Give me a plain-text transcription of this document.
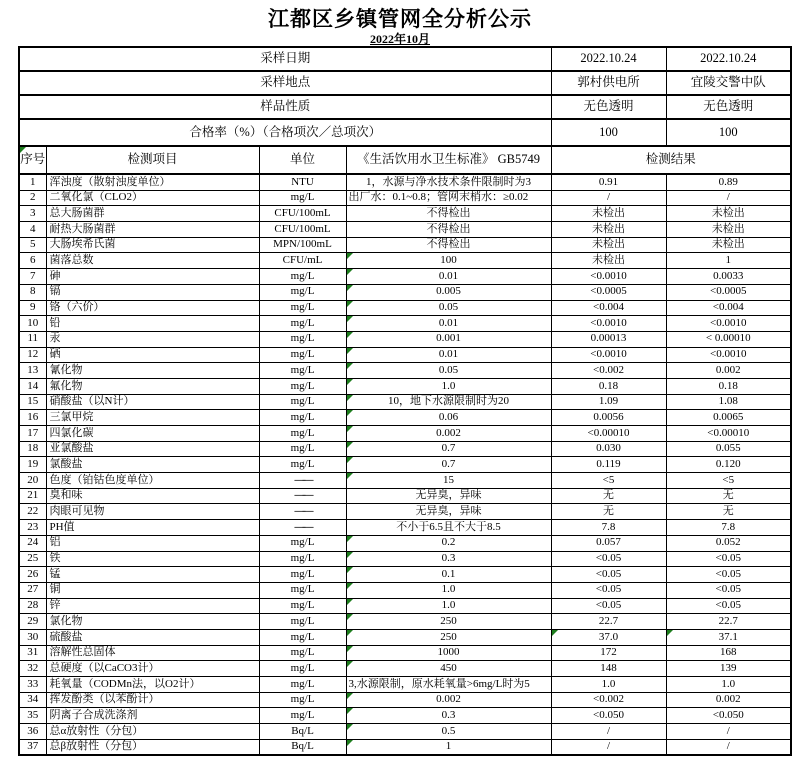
江都区乡镇管网全分析公示
2022年10月
采样日期				2022.10.24	2022.10.24
采样地点				郭村供电所	宜陵交警中队
样品性质				无色透明	无色透明
合格率（%）（合格项次／总项次）				100	100

序号	检测项目	单位	《生活饮用水卫生标准》 GB5749	检测结果	
1	浑浊度（散射浊度单位）	NTU	1，水源与净水技术条件限制时为3	0.91	0.89
2	二氧化氯（CLO2）	mg/L	出厂水：0.1~0.8；管网末梢水：≥0.02	/	/
3	总大肠菌群	CFU/100mL	不得检出	未检出	未检出
4	耐热大肠菌群	CFU/100mL	不得检出	未检出	未检出
5	大肠埃希氏菌	MPN/100mL	不得检出	未检出	未检出
6	菌落总数	CFU/mL	100	未检出	1
7	砷	mg/L	0.01	<0.0010	0.0033
8	镉	mg/L	0.005	<0.0005	<0.0005
9	铬（六价）	mg/L	0.05	<0.004	<0.004
10	铅	mg/L	0.01	<0.0010	<0.0010
11	汞	mg/L	0.001	0.00013	< 0.00010
12	硒	mg/L	0.01	<0.0010	<0.0010
13	氰化物	mg/L	0.05	<0.002	0.002
14	氟化物	mg/L	1.0	0.18	0.18
15	硝酸盐（以N计）	mg/L	10，地下水源限制时为20	1.09	1.08
16	三氯甲烷	mg/L	0.06	0.0056	0.0065
17	四氯化碳	mg/L	0.002	<0.00010	<0.00010
18	亚氯酸盐	mg/L	0.7	0.030	0.055
19	氯酸盐	mg/L	0.7	0.119	0.120
20	色度（铂钴色度单位）	——	15	<5	<5
21	臭和味	——	无异臭，异味	无	无
22	肉眼可见物	——	无异臭，异味	无	无
23	PH值	——	不小于6.5且不大于8.5	7.8	7.8
24	铝	mg/L	0.2	0.057	0.052
25	铁	mg/L	0.3	<0.05	<0.05
26	锰	mg/L	0.1	<0.05	<0.05
27	铜	mg/L	1.0	<0.05	<0.05
28	锌	mg/L	1.0	<0.05	<0.05
29	氯化物	mg/L	250	22.7	22.7
30	硫酸盐	mg/L	250	37.0	37.1
31	溶解性总固体	mg/L	1000	172	168
32	总硬度（以CaCO3计）	mg/L	450	148	139
33	耗氧量（CODMn法，以O2计）	mg/L	3,水源限制，原水耗氧量>6mg/L时为5	1.0	1.0
34	挥发酚类（以苯酚计）	mg/L	0.002	<0.002	0.002
35	阴离子合成洗涤剂	mg/L	0.3	<0.050	<0.050
36	总α放射性（分包）	Bq/L	0.5	/	/
37	总β放射性（分包）	Bq/L	1	/	/
